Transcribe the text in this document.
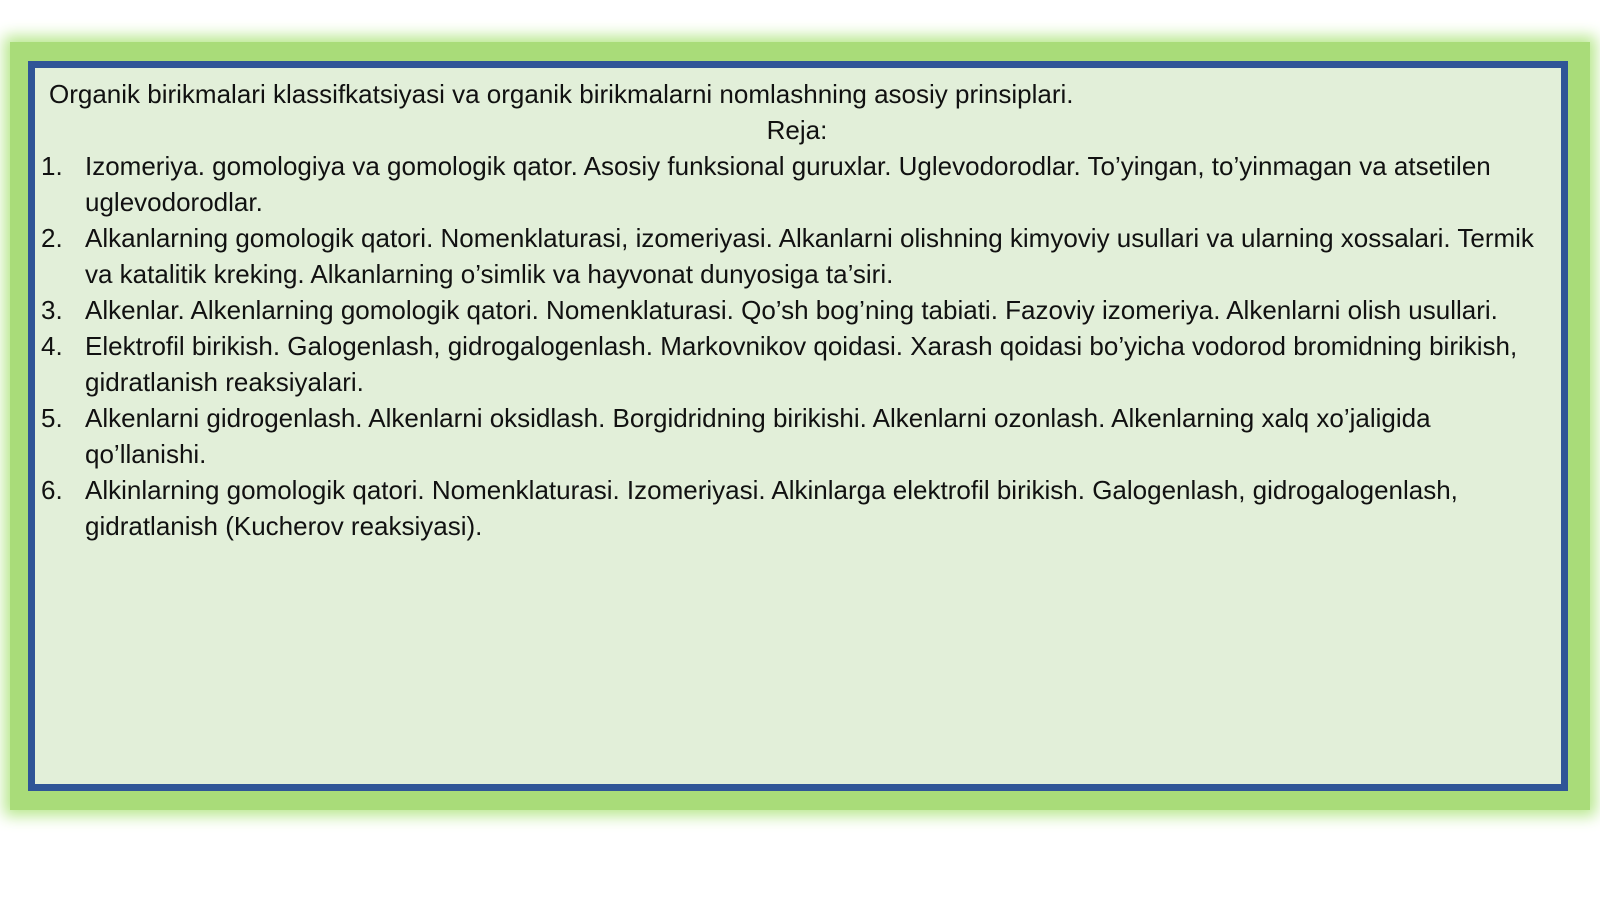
Organik birikmalari klassifkatsiyasi va organik birikmalarni nomlashning asosiy prinsiplari.

Reja:

1. Izomeriya. gomologiya va gomologik qator. Asosiy funksional guruxlar. Uglevodorodlar. To’yingan, to’yinmagan va atsetilen uglevodorodlar.
2. Alkanlarning gomologik qatori. Nomenklaturasi, izomeriyasi. Alkanlarni olishning kimyoviy usullari va ularning xossalari. Termik va katalitik kreking. Alkanlarning o’simlik va hayvonat dunyosiga ta’siri.
3. Alkenlar. Alkenlarning gomologik qatori. Nomenklaturasi. Qo’sh bog’ning tabiati. Fazoviy izomeriya. Alkenlarni olish usullari.
4. Elektrofil birikish. Galogenlash, gidrogalogenlash. Markovnikov qoidasi. Xarash qoidasi bo’yicha vodorod bromidning birikish, gidratlanish reaksiyalari.
5. Alkenlarni gidrogenlash. Alkenlarni oksidlash. Borgidridning birikishi. Alkenlarni ozonlash. Alkenlarning xalq xo’jaligida qo’llanishi.
6. Alkinlarning gomologik qatori. Nomenklaturasi. Izomeriyasi. Alkinlarga elektrofil birikish. Galogenlash, gidrogalogenlash, gidratlanish (Kucherov reaksiyasi).
